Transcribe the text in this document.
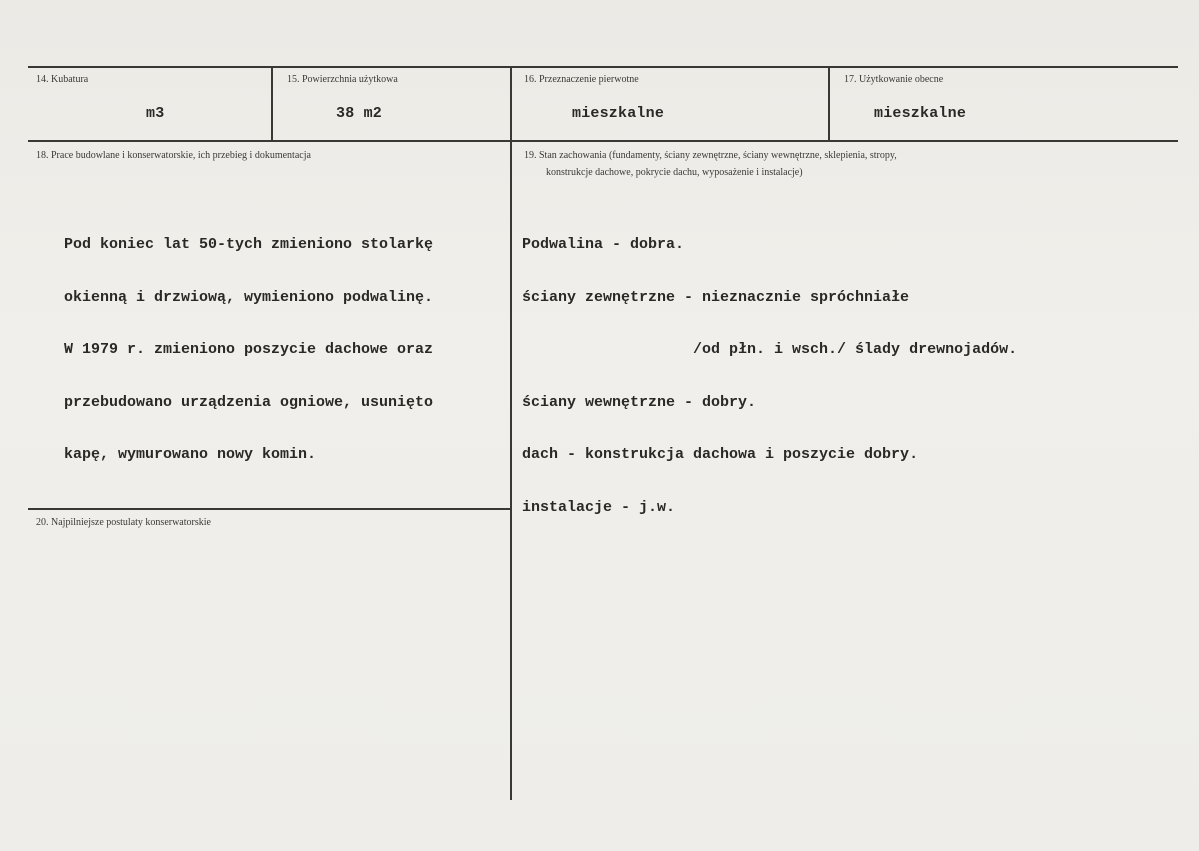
14. Kubatura
m3
15. Powierzchnia użytkowa
38 m2
16. Przeznaczenie pierwotne
mieszkalne
17. Użytkowanie obecne
mieszkalne
18. Prace budowlane i konserwatorskie, ich przebieg i dokumentacja

Pod koniec lat 50-tych zmieniono stolarkę

okienną i drzwiową, wymieniono podwalinę.

W 1979 r. zmieniono poszycie dachowe oraz

przebudowano urządzenia ogniowe, usunięto

kapę, wymurowano nowy komin.

19. Stan zachowania (fundamenty, ściany zewnętrzne, ściany wewnętrzne, sklepienia, stropy,
konstrukcje dachowe, pokrycie dachu, wyposażenie i instalacje)

Podwalina - dobra.

ściany zewnętrzne - nieznacznie spróchniałe

/od płn. i wsch./ ślady drewnojadów.

ściany wewnętrzne - dobry.

dach - konstrukcja dachowa i poszycie dobry.

instalacje - j.w.

20. Najpilniejsze postulaty konserwatorskie
